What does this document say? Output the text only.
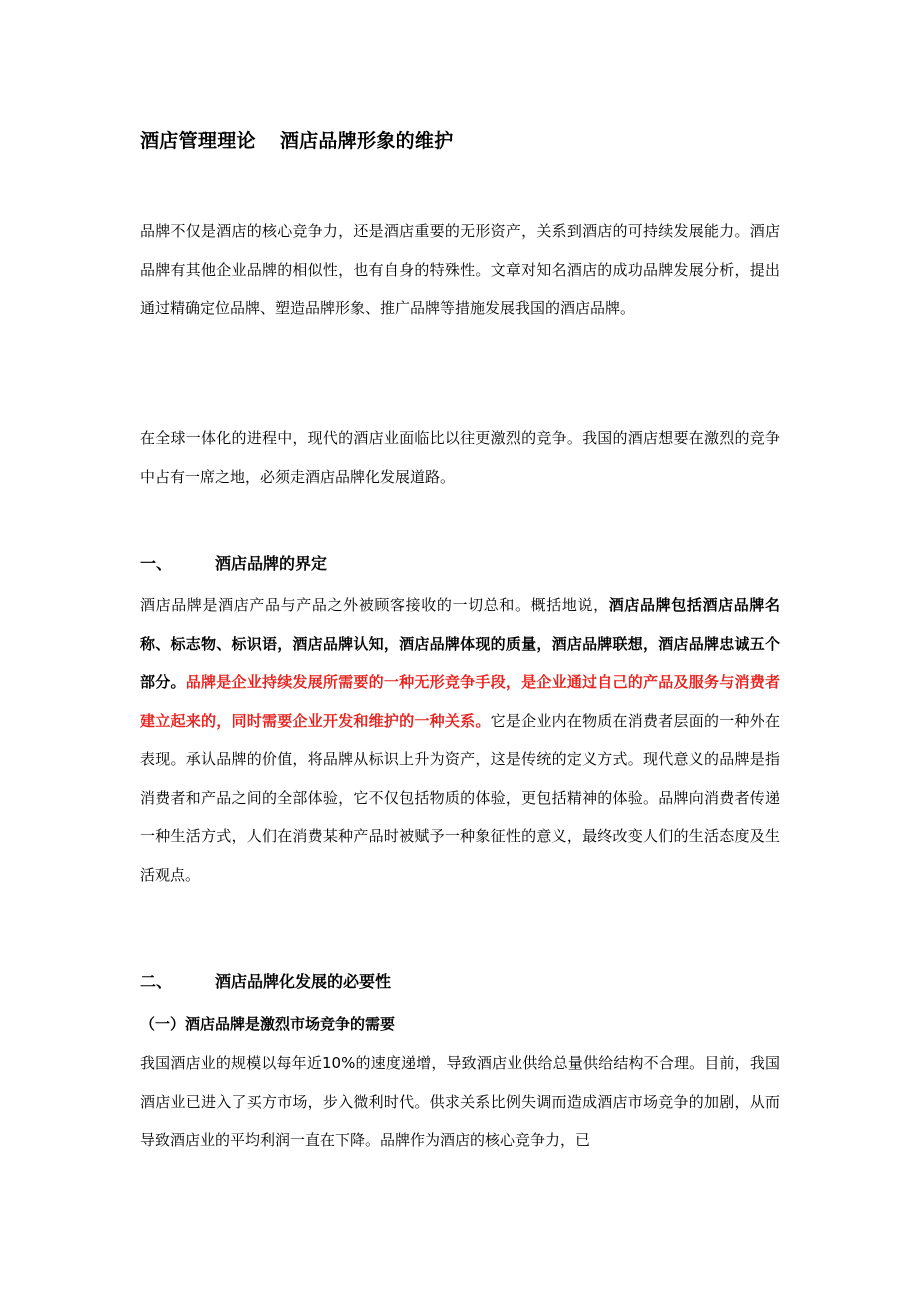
酒店管理理论 酒店品牌形象的维护
品牌不仅是酒店的核心竞争力，还是酒店重要的无形资产，关系到酒店的可持续发展能力。酒店品牌有其他企业品牌的相似性，也有自身的特殊性。文章对知名酒店的成功品牌发展分析，提出通过精确定位品牌、塑造品牌形象、推广品牌等措施发展我国的酒店品牌。
在全球一体化的进程中，现代的酒店业面临比以往更激烈的竞争。我国的酒店想要在激烈的竞争中占有一席之地，必须走酒店品牌化发展道路。
一、	酒店品牌的界定
酒店品牌是酒店产品与产品之外被顾客接收的一切总和。概括地说，酒店品牌包括酒店品牌名称、标志物、标识语，酒店品牌认知，酒店品牌体现的质量，酒店品牌联想，酒店品牌忠诚五个部分。品牌是企业持续发展所需要的一种无形竞争手段，是企业通过自己的产品及服务与消费者建立起来的，同时需要企业开发和维护的一种关系。它是企业内在物质在消费者层面的一种外在表现。承认品牌的价值，将品牌从标识上升为资产，这是传统的定义方式。现代意义的品牌是指消费者和产品之间的全部体验，它不仅包括物质的体验，更包括精神的体验。品牌向消费者传递一种生活方式，人们在消费某种产品时被赋予一种象征性的意义，最终改变人们的生活态度及生活观点。
二、	酒店品牌化发展的必要性
（一）酒店品牌是激烈市场竞争的需要
我国酒店业的规模以每年近10%的速度递增，导致酒店业供给总量供给结构不合理。目前，我国酒店业已进入了买方市场，步入微利时代。供求关系比例失调而造成酒店市场竞争的加剧，从而导致酒店业的平均利润一直在下降。品牌作为酒店的核心竞争力，已
